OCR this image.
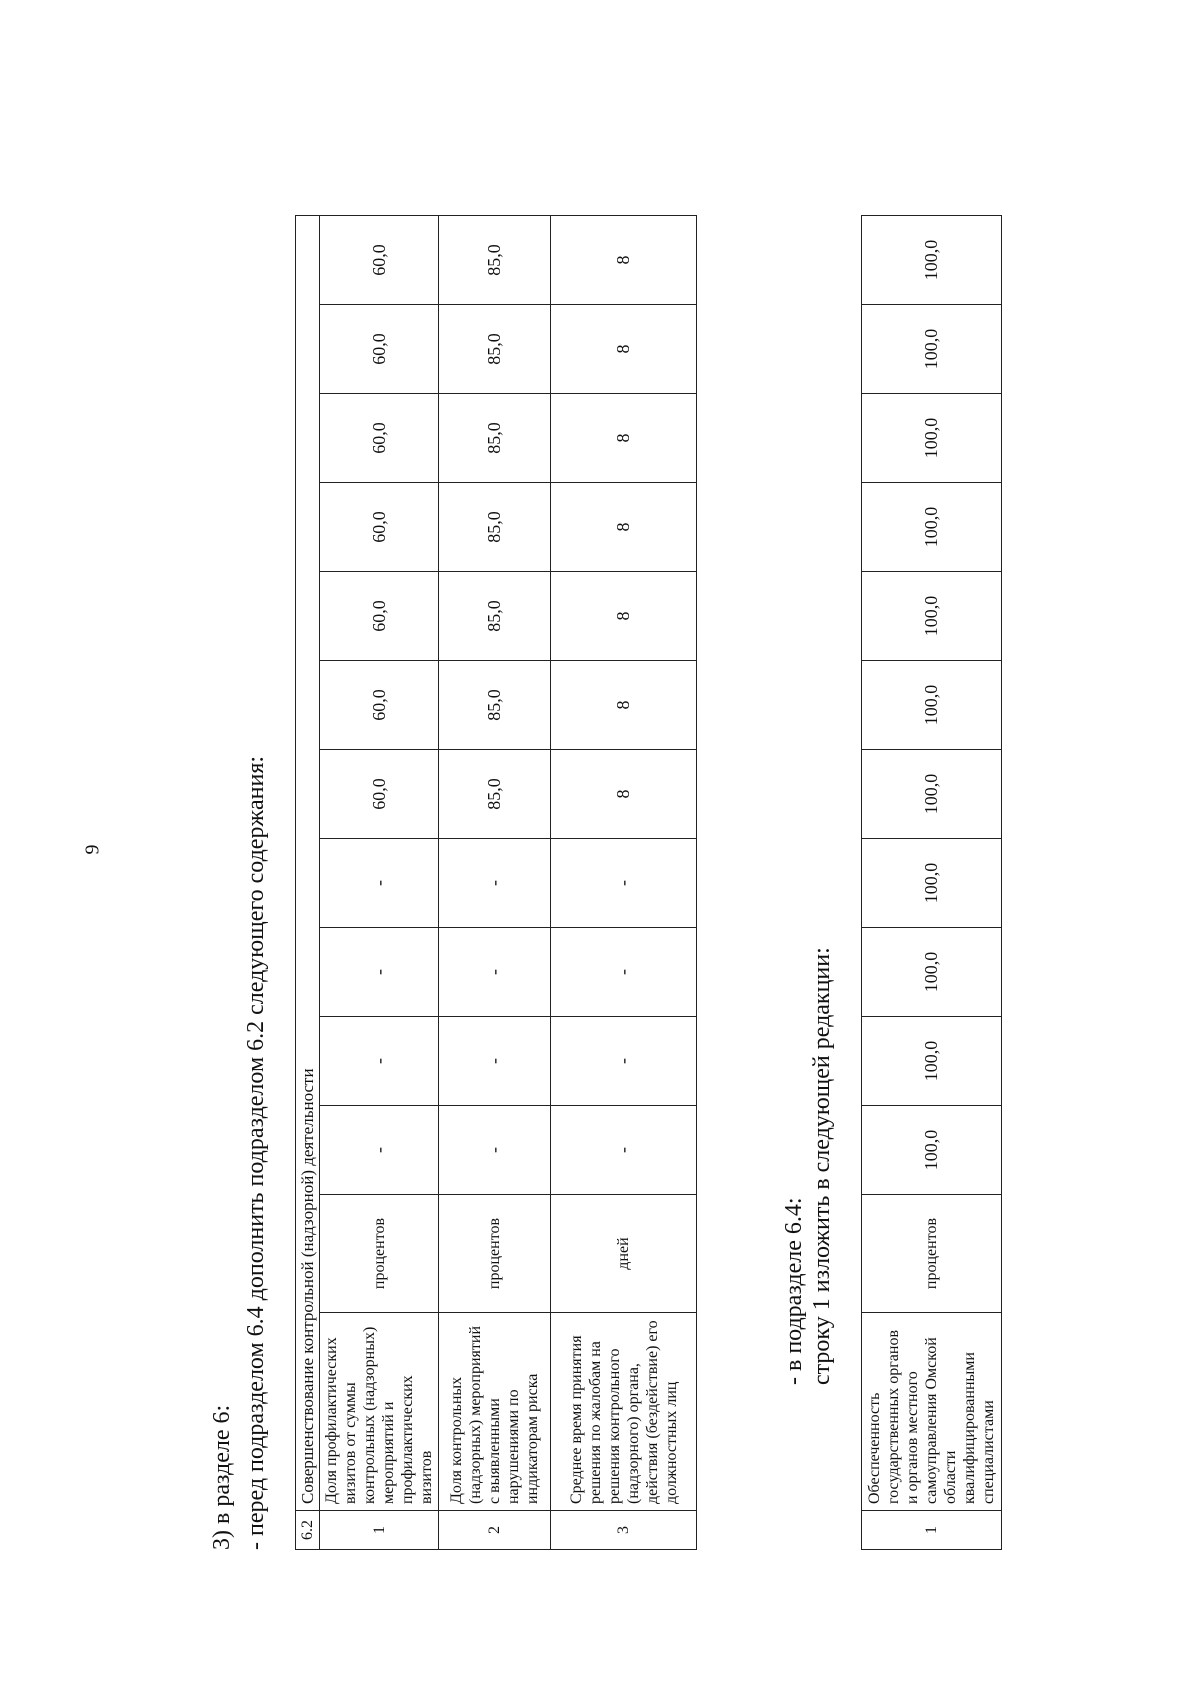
9
3) в разделе 6: - перед подразделом 6.4 дополнить подразделом 6.2 следующего содержания: 6.2	Совершенствование контрольной (надзорной) деятельности												
1	Доля профилактических визитов от суммы контрольных (надзорных) мероприятий и профилактических визитов	процентов	-	-	-	-	60,0	60,0	60,0	60,0	60,0	60,0	60,0
2	Доля контрольных (надзорных) мероприятий с выявленными нарушениями по индикаторам риска	процентов	-	-	-	-	85,0	85,0	85,0	85,0	85,0	85,0	85,0
3	Среднее время принятия решения по жалобам на решения контрольного (надзорного) органа, действия (бездействие) его должностных лиц	дней	-	-	-	-	8	8	8	8	8	8	8
- в подразделе 6.4: строку 1 изложить в следующей редакции:
1	Обеспеченность государственных органов и органов местного самоуправления Омской области квалифицированными специалистами	процентов	100,0	100,0	100,0	100,0	100,0	100,0	100,0	100,0	100,0	100,0	100,0
